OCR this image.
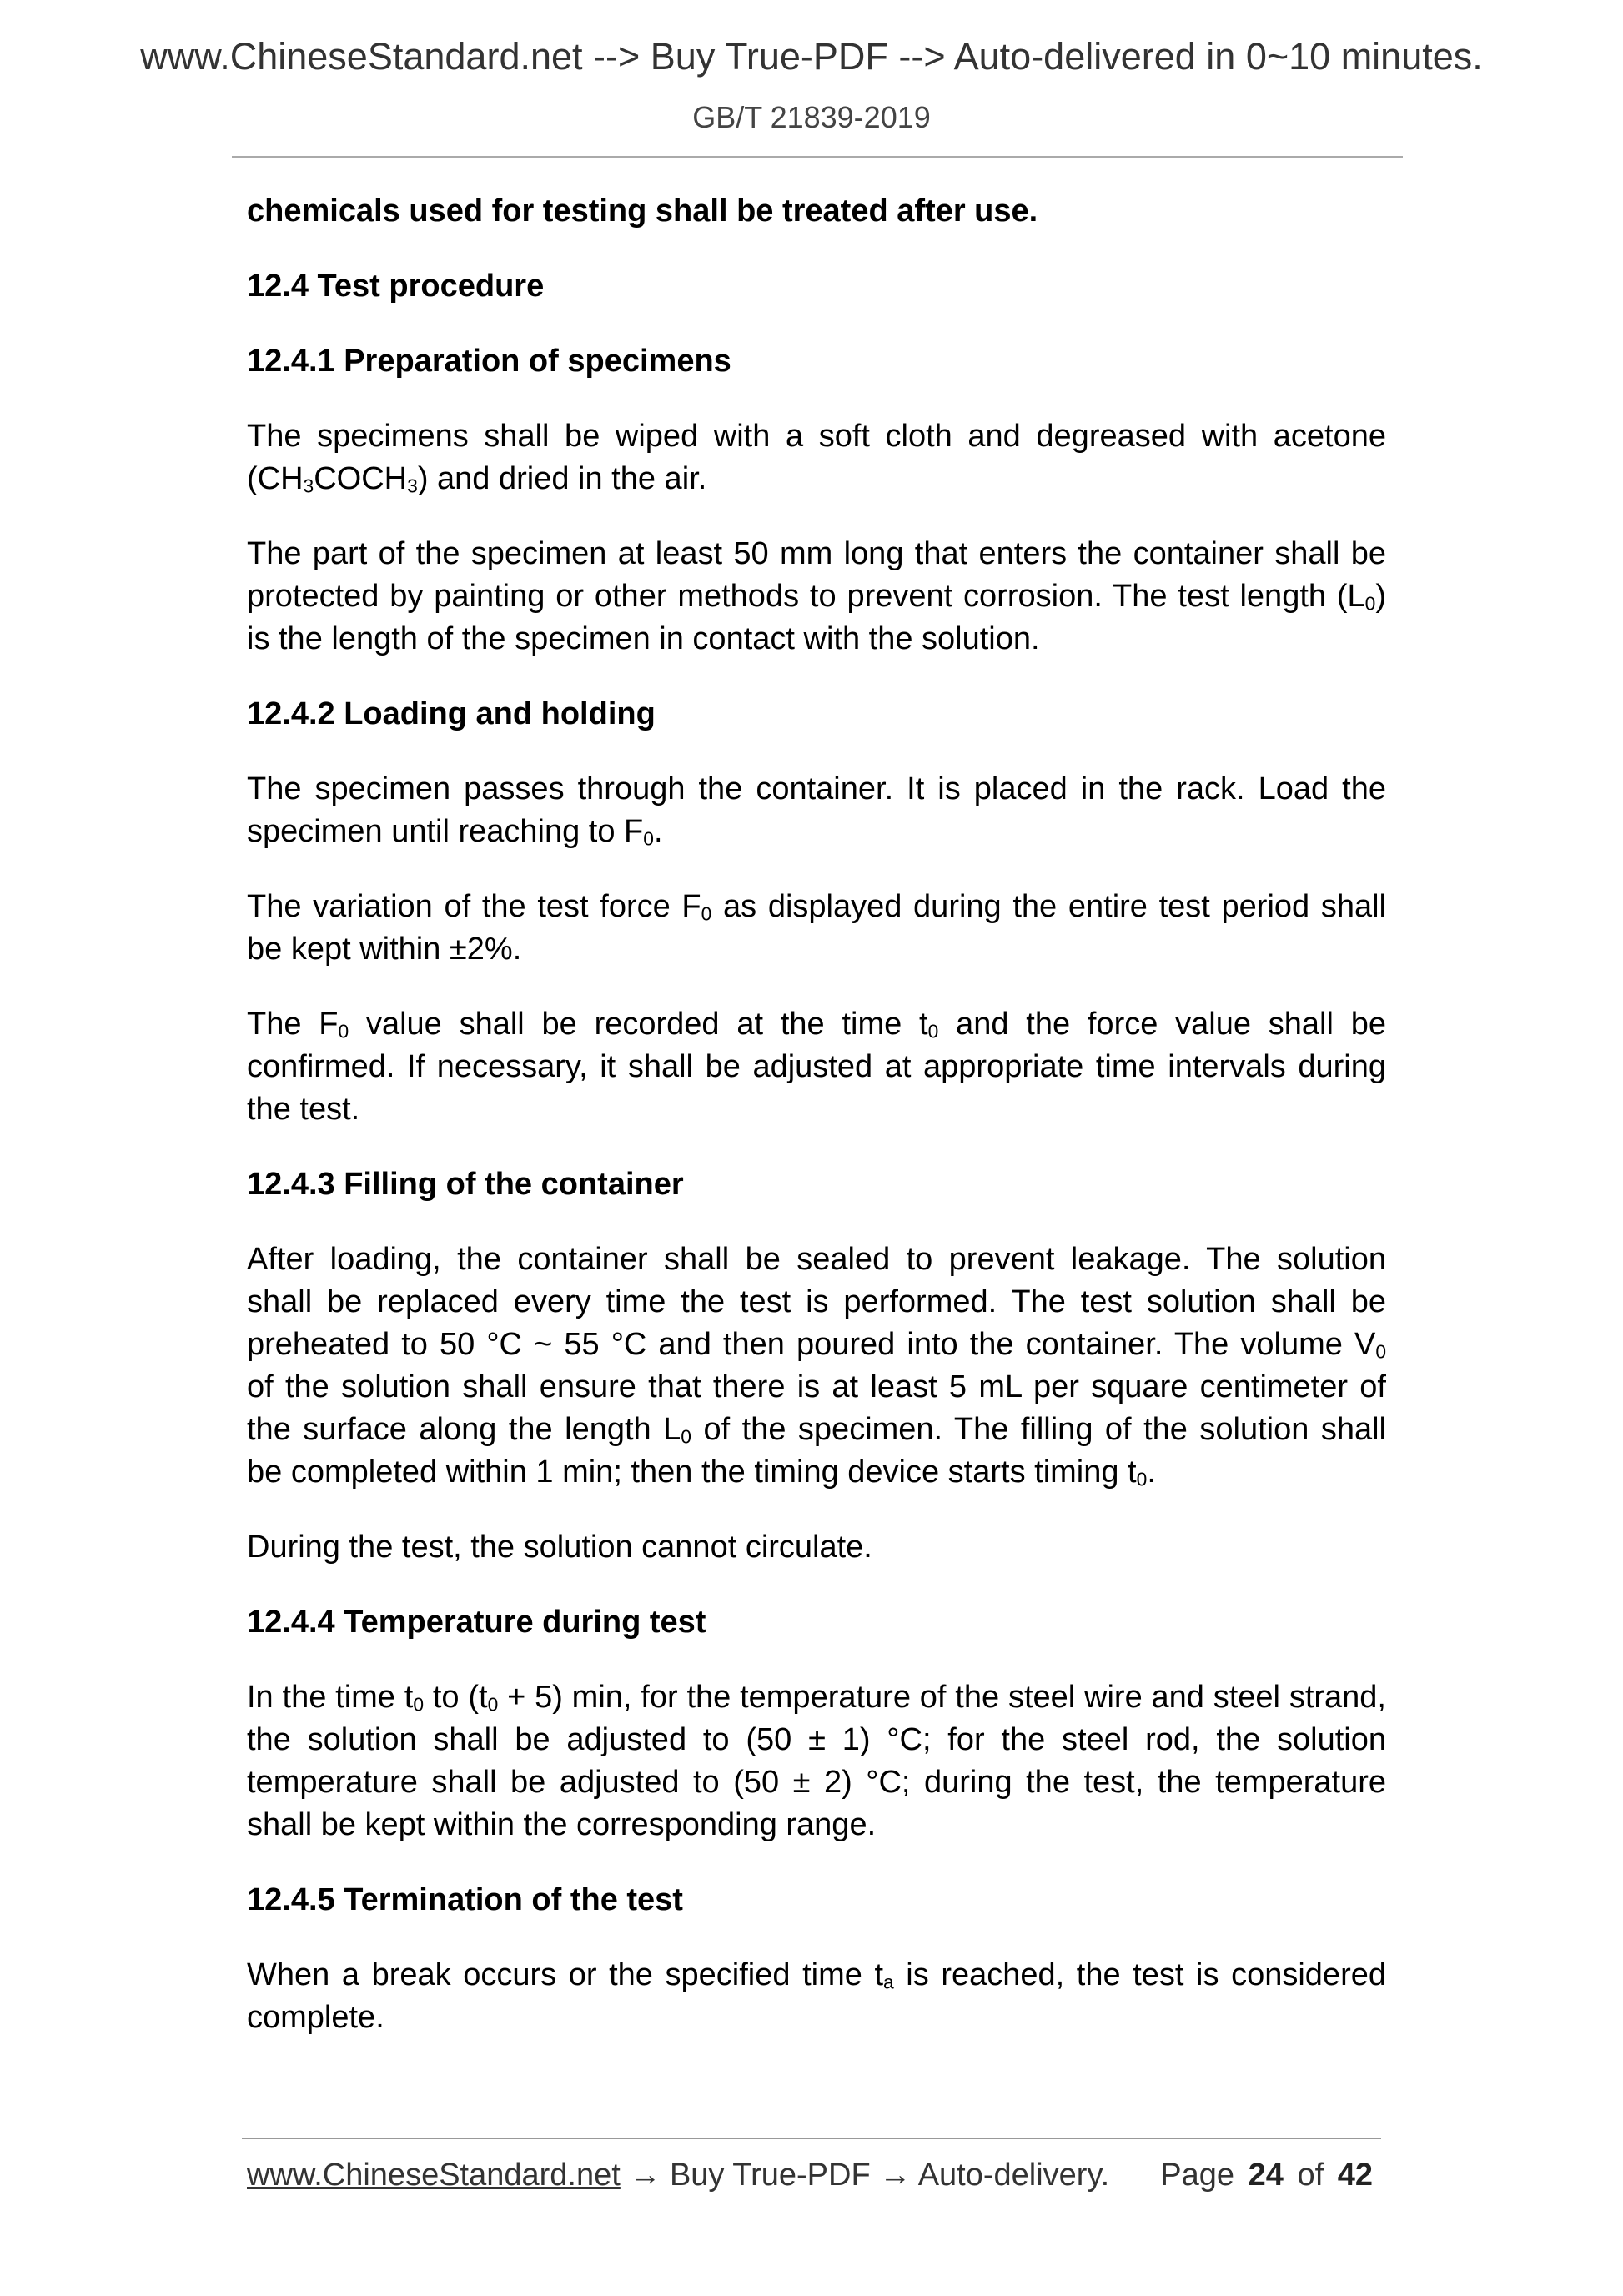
www.ChineseStandard.net --> Buy True-PDF --> Auto-delivered in 0~10 minutes.
GB/T 21839-2019
chemicals used for testing shall be treated after use.
12.4 Test procedure
12.4.1 Preparation of specimens
The specimens shall be wiped with a soft cloth and degreased with acetone
$(CH_3COCH_3)$ and dried in the air.
The part of the specimen at least 50 mm long that enters the container shall be
protected by painting or other methods to prevent corrosion. The test length $(L_0)$
is the length of the specimen in contact with the solution.
12.4.2 Loading and holding
The specimen passes through the container. It is placed in the rack. Load the
specimen until reaching to $F_0$.
The variation of the test force $F_0$ as displayed during the entire test period shall
be kept within ±2%.
The $F_0$ value shall be recorded at the time $t_0$ and the force value shall be
confirmed. If necessary, it shall be adjusted at appropriate time intervals during
the test.
12.4.3 Filling of the container
After loading, the container shall be sealed to prevent leakage. The solution
shall be replaced every time the test is performed. The test solution shall be
preheated to 50 °C ~ 55 °C and then poured into the container. The volume $V_0$
of the solution shall ensure that there is at least 5 mL per square centimeter of
the surface along the length $L_0$ of the specimen. The filling of the solution shall
be completed within 1 min; then the timing device starts timing $t_0$.
During the test, the solution cannot circulate.
12.4.4 Temperature during test
In the time $t_0$ to $(t_0 + 5)$ min, for the temperature of the steel wire and steel strand,
the solution shall be adjusted to (50 ± 1) °C; for the steel rod, the solution
temperature shall be adjusted to (50 ± 2) °C; during the test, the temperature
shall be kept within the corresponding range.
12.4.5 Termination of the test
When a break occurs or the specified time $t_a$ is reached, the test is considered
complete.
www.ChineseStandard.net → Buy True-PDF → Auto-delivery. Page 24 of 42
